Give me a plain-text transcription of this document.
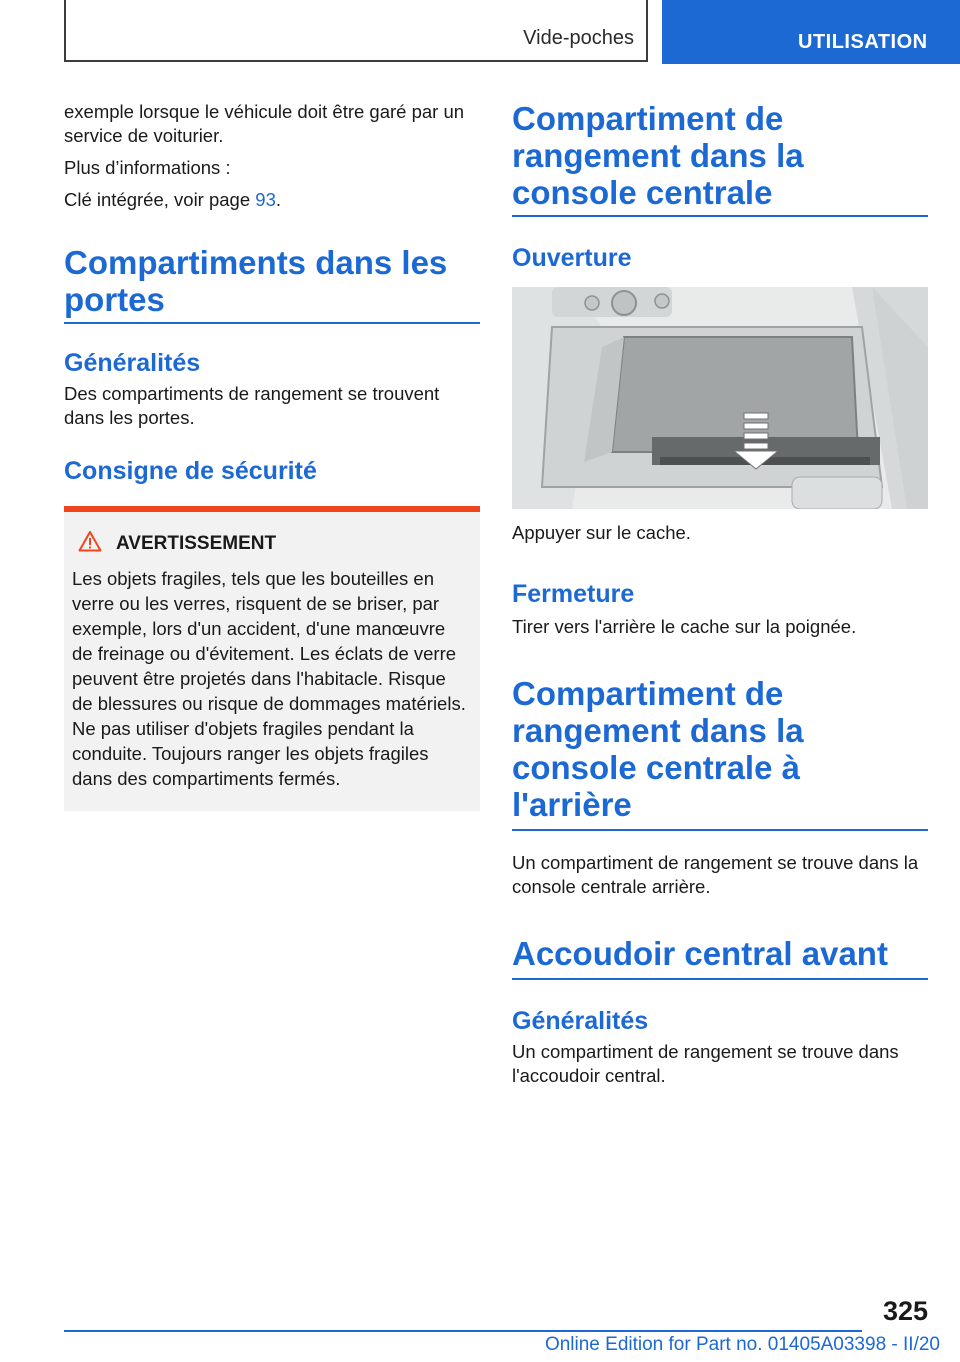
Vide-poches	UTILISATION

exemple lorsque le véhicule doit être garé par un service de voiturier.

Plus d’informations :

Clé intégrée, voir page 93.

Compartiments dans les portes
Généralités

Des compartiments de rangement se trouvent dans les portes.

Consigne de sécurité
AVERTISSEMENT

Les objets fragiles, tels que les bouteilles en verre ou les verres, risquent de se briser, par exemple, lors d'un accident, d'une manœuvre de freinage ou d'évitement. Les éclats de verre peuvent être projetés dans l'habitacle. Risque de blessures ou risque de dommages matériels. Ne pas utiliser d'objets fragiles pendant la conduite. Toujours ranger les objets fragiles dans des compartiments fermés.

Compartiment de rangement dans la console centrale
Ouverture

Appuyer sur le cache.

Fermeture

Tirer vers l'arrière le cache sur la poignée.

Compartiment de rangement dans la console centrale à l'arrière

Un compartiment de rangement se trouve dans la console centrale arrière.

Accoudoir central avant
Généralités

Un compartiment de rangement se trouve dans l'accoudoir central.

325
Online Edition for Part no. 01405A03398 - II/20
